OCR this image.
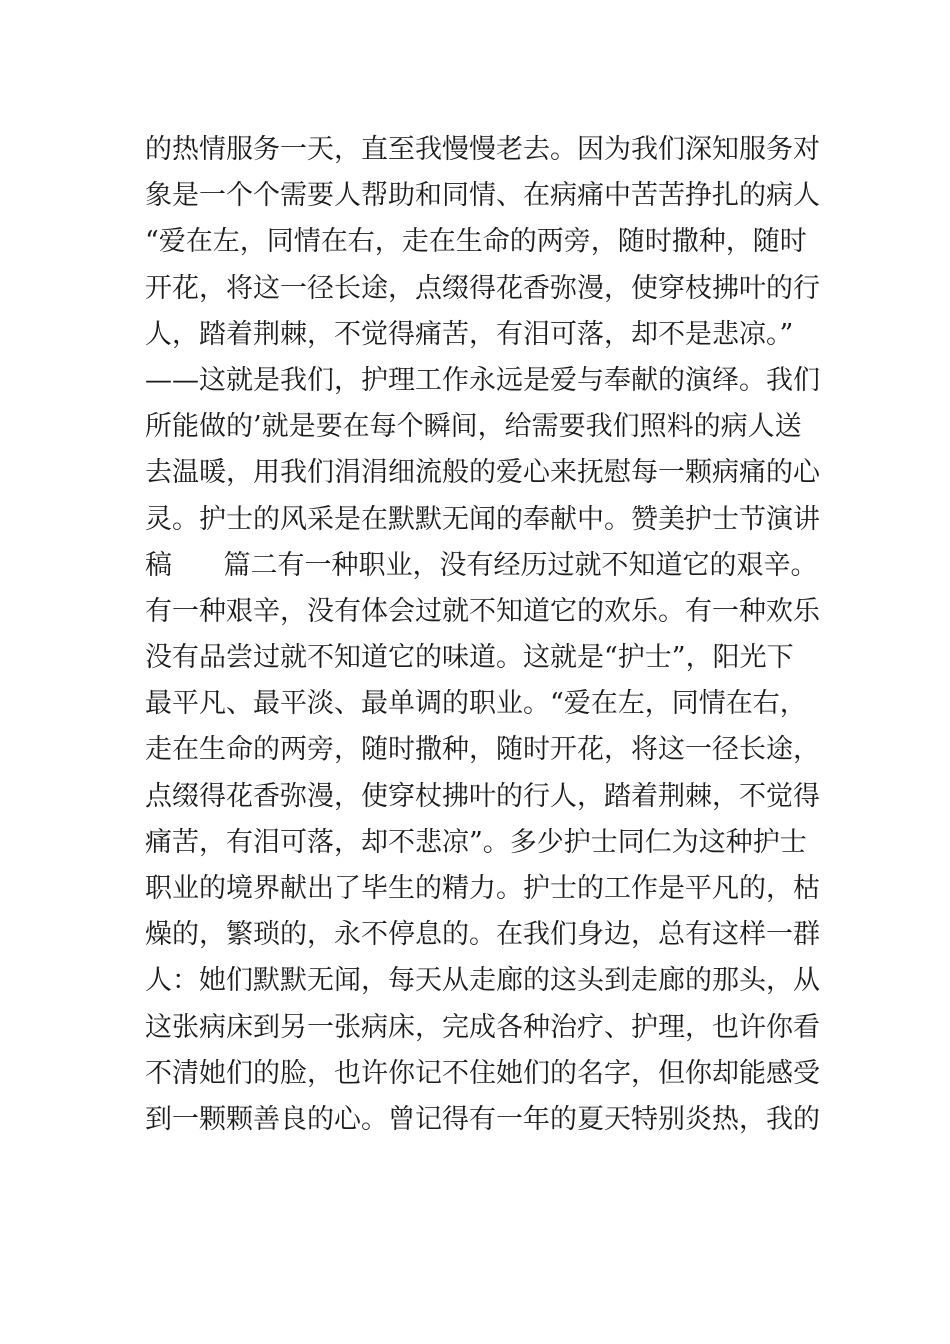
的热情服务一天，直至我慢慢老去。因为我们深知服务对
象是一个个需要人帮助和同情、在病痛中苦苦挣扎的病人
“爱在左，同情在右，走在生命的两旁，随时撒种，随时
开花，将这一径长途，点缀得花香弥漫，使穿枝拂叶的行
人，踏着荆棘，不觉得痛苦，有泪可落，却不是悲凉。”
——这就是我们，护理工作永远是爱与奉献的演绎。我们
所能做的’就是要在每个瞬间，给需要我们照料的病人送
去温暖，用我们涓涓细流般的爱心来抚慰每一颗病痛的心
灵。护士的风采是在默默无闻的奉献中。赞美护士节演讲
稿      篇二有一种职业，没有经历过就不知道它的艰辛。
有一种艰辛，没有体会过就不知道它的欢乐。有一种欢乐
没有品尝过就不知道它的味道。这就是“护士”，阳光下
最平凡、最平淡、最单调的职业。“爱在左，同情在右，
走在生命的两旁，随时撒种，随时开花，将这一径长途，
点缀得花香弥漫，使穿杖拂叶的行人，踏着荆棘，不觉得
痛苦，有泪可落，却不悲凉”。多少护士同仁为这种护士
职业的境界献出了毕生的精力。护士的工作是平凡的，枯
燥的，繁琐的，永不停息的。在我们身边，总有这样一群
人：她们默默无闻，每天从走廊的这头到走廊的那头，从
这张病床到另一张病床，完成各种治疗、护理，也许你看
不清她们的脸，也许你记不住她们的名字，但你却能感受
到一颗颗善良的心。曾记得有一年的夏天特别炎热，我的
